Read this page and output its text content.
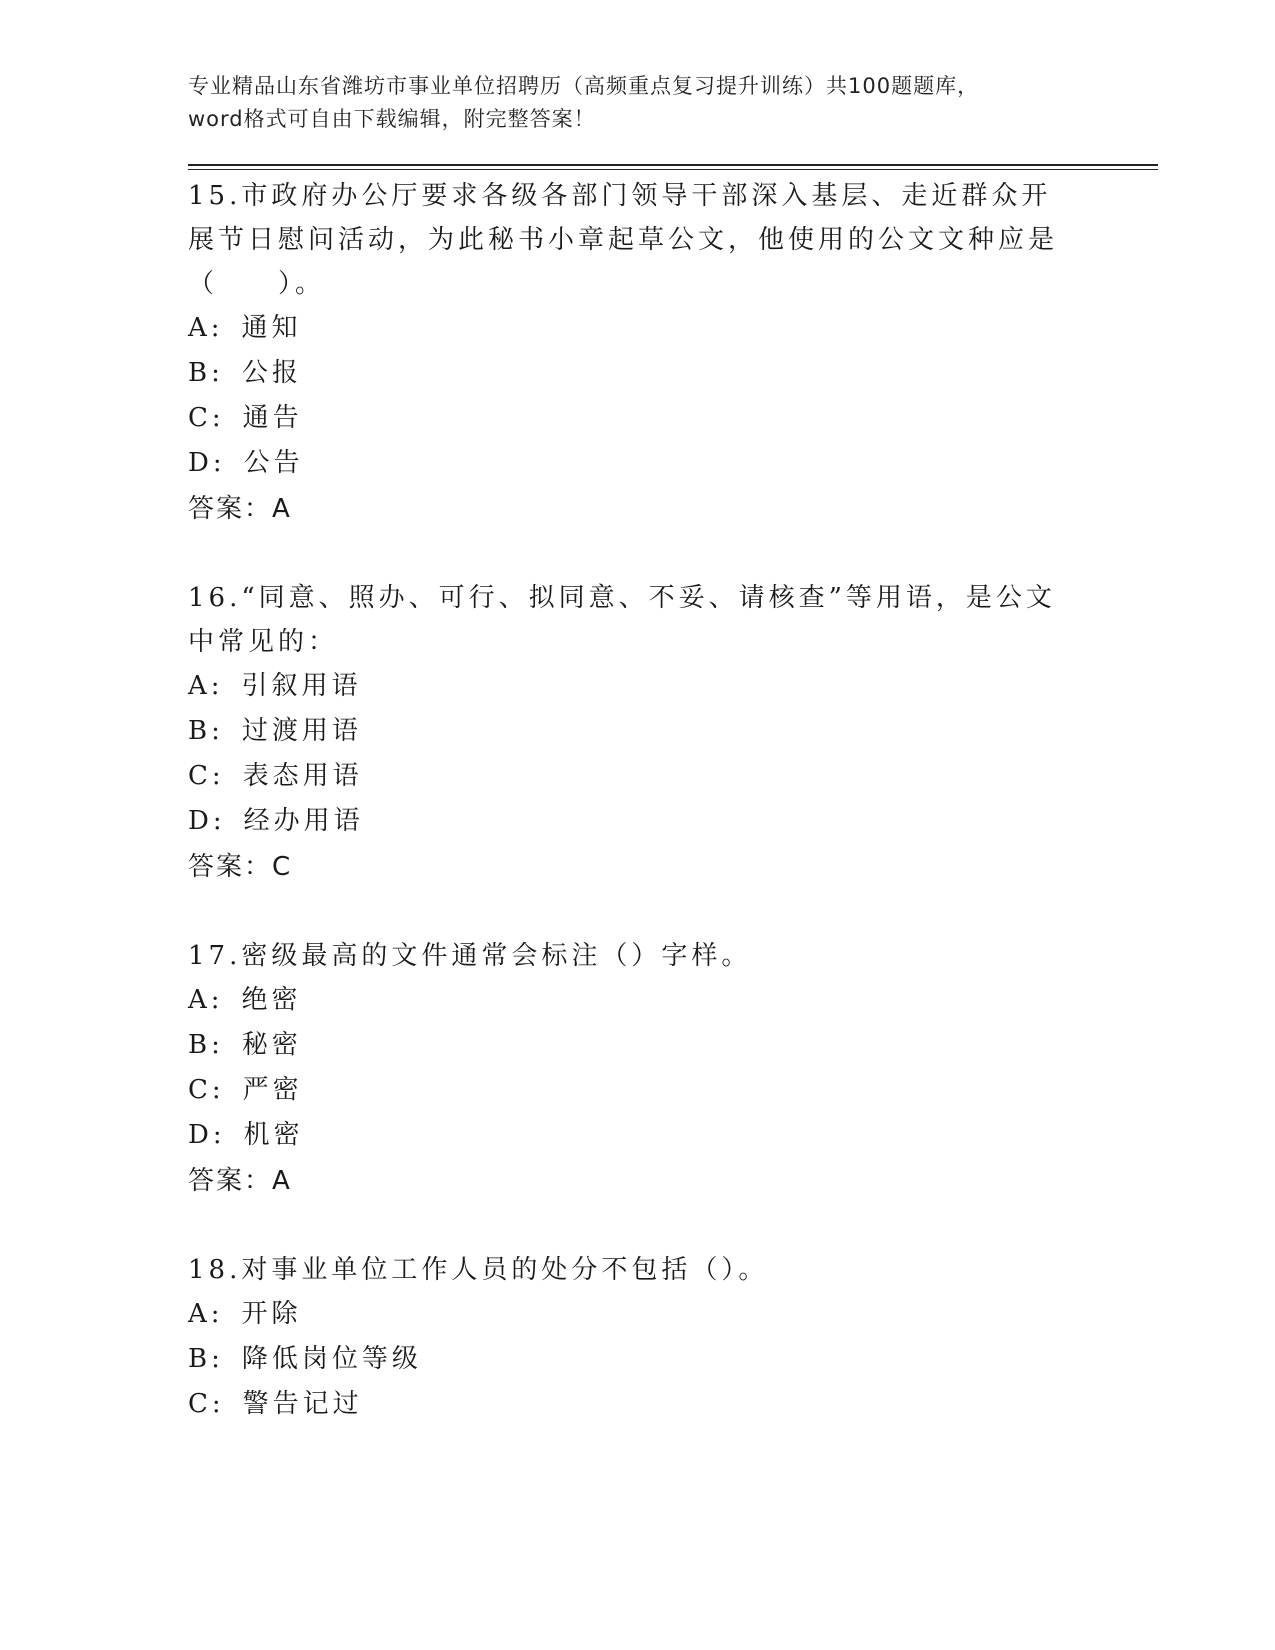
专业精品山东省潍坊市事业单位招聘历（高频重点复习提升训练）共100题题库，word格式可自由下载编辑，附完整答案！

15.市政府办公厅要求各级各部门领导干部深入基层、走近群众开展节日慰问活动，为此秘书小章起草公文，他使用的公文文种应是（　　）。

A: 通知
B: 公报
C: 通告
D: 公告
答案：A

16.“同意、照办、可行、拟同意、不妥、请核查”等用语，是公文中常见的：

A: 引叙用语
B: 过渡用语
C: 表态用语
D: 经办用语
答案：C

17.密级最高的文件通常会标注（）字样。

A: 绝密
B: 秘密
C: 严密
D: 机密
答案：A

18.对事业单位工作人员的处分不包括（）。

A: 开除
B: 降低岗位等级
C: 警告记过
